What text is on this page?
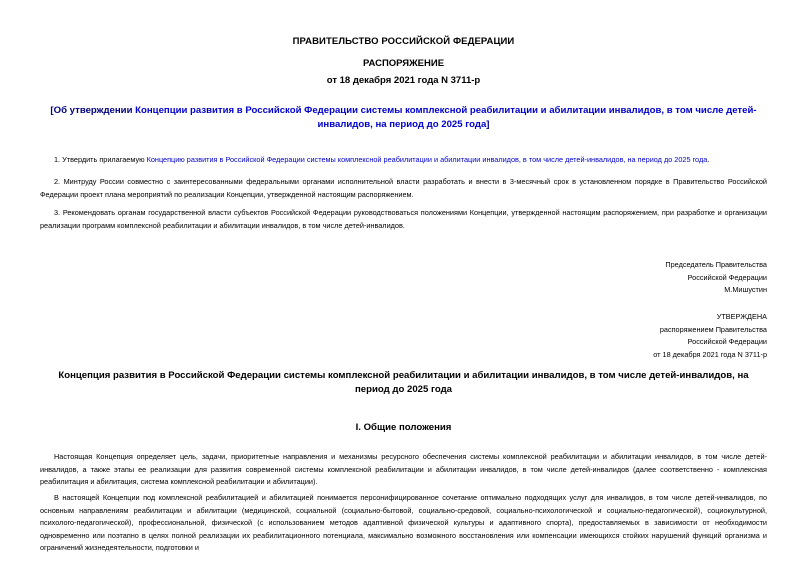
ПРАВИТЕЛЬСТВО РОССИЙСКОЙ ФЕДЕРАЦИИ
РАСПОРЯЖЕНИЕ
от 18 декабря 2021 года N 3711-р
[Об утверждении Концепции развития в Российской Федерации системы комплексной реабилитации и абилитации инвалидов, в том числе детей-инвалидов, на период до 2025 года]
1. Утвердить прилагаемую Концепцию развития в Российской Федерации системы комплексной реабилитации и абилитации инвалидов, в том числе детей-инвалидов, на период до 2025 года.
2. Минтруду России совместно с заинтересованными федеральными органами исполнительной власти разработать и внести в 3-месячный срок в установленном порядке в Правительство Российской Федерации проект плана мероприятий по реализации Концепции, утвержденной настоящим распоряжением.
3. Рекомендовать органам государственной власти субъектов Российской Федерации руководствоваться положениями Концепции, утвержденной настоящим распоряжением, при разработке и организации реализации программ комплексной реабилитации и абилитации инвалидов, в том числе детей-инвалидов.
Председатель Правительства
Российской Федерации
М.Мишустин
УТВЕРЖДЕНА
распоряжением Правительства
Российской Федерации
от 18 декабря 2021 года N 3711-р
Концепция развития в Российской Федерации системы комплексной реабилитации и абилитации инвалидов, в том числе детей-инвалидов, на период до 2025 года
I. Общие положения
Настоящая Концепция определяет цель, задачи, приоритетные направления и механизмы ресурсного обеспечения системы комплексной реабилитации и абилитации инвалидов, в том числе детей-инвалидов, а также этапы ее реализации для развития современной системы комплексной реабилитации и абилитации инвалидов, в том числе детей-инвалидов (далее соответственно - комплексная реабилитация и абилитация, система комплексной реабилитации и абилитации).
В настоящей Концепции под комплексной реабилитацией и абилитацией понимается персонифицированное сочетание оптимально подходящих услуг для инвалидов, в том числе детей-инвалидов, по основным направлениям реабилитации и абилитации (медицинской, социальной (социально-бытовой, социально-средовой, социально-психологической и социально-педагогической), социокультурной, психолого-педагогической), профессиональной, физической (с использованием методов адаптивной физической культуры и адаптивного спорта), предоставляемых в зависимости от необходимости одновременно или поэтапно в целях полной реализации их реабилитационного потенциала, максимально возможного восстановления или компенсации имеющихся стойких нарушений функций организма и ограничений жизнедеятельности, подготовки и
